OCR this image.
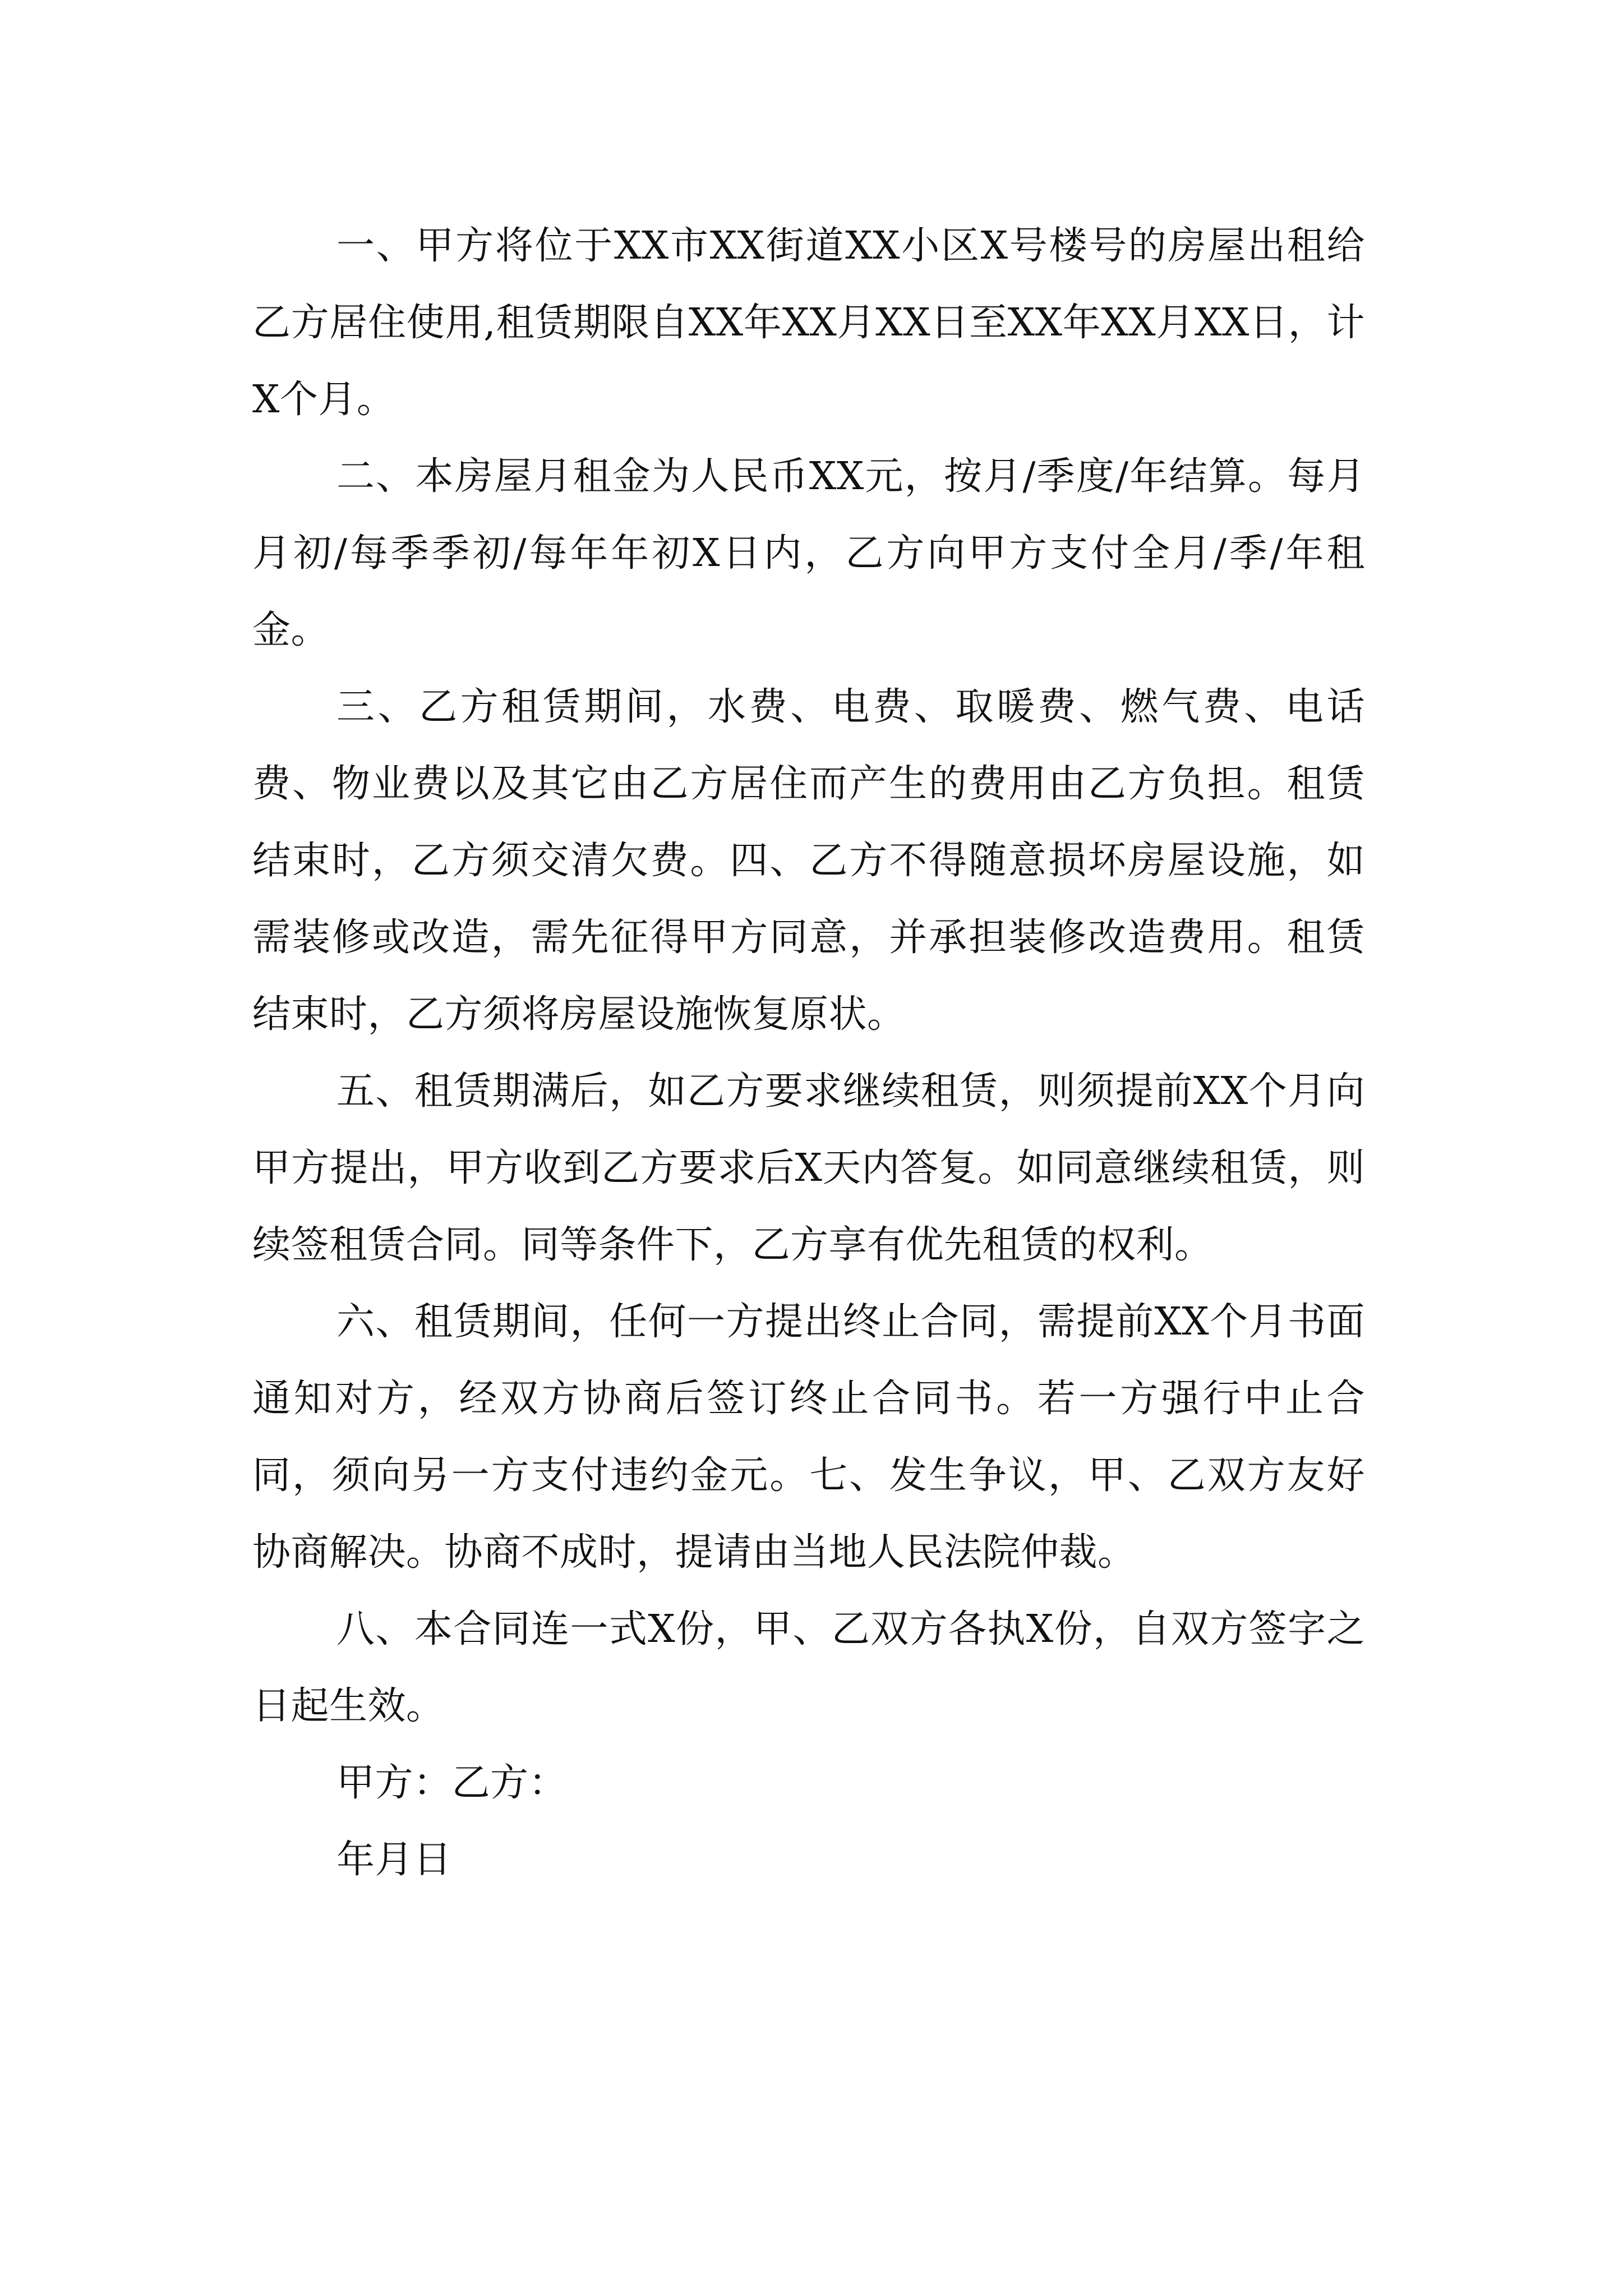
一、甲方将位于XX市XX街道XX小区X号楼号的房屋出租给乙方居住使用,租赁期限自XX年XX月XX日至XX年XX月XX日，计X个月。

二、本房屋月租金为人民币XX元，按月/季度/年结算。每月月初/每季季初/每年年初X日内，乙方向甲方支付全月/季/年租金。

三、乙方租赁期间，水费、电费、取暖费、燃气费、电话费、物业费以及其它由乙方居住而产生的费用由乙方负担。租赁结束时，乙方须交清欠费。四、乙方不得随意损坏房屋设施，如需装修或改造，需先征得甲方同意，并承担装修改造费用。租赁结束时，乙方须将房屋设施恢复原状。

五、租赁期满后，如乙方要求继续租赁，则须提前XX个月向甲方提出，甲方收到乙方要求后X天内答复。如同意继续租赁，则续签租赁合同。同等条件下，乙方享有优先租赁的权利。

六、租赁期间，任何一方提出终止合同，需提前XX个月书面通知对方，经双方协商后签订终止合同书。若一方强行中止合同，须向另一方支付违约金元。七、发生争议，甲、乙双方友好协商解决。协商不成时，提请由当地人民法院仲裁。

八、本合同连一式X份，甲、乙双方各执X份，自双方签字之日起生效。

甲方：乙方：

年月日
